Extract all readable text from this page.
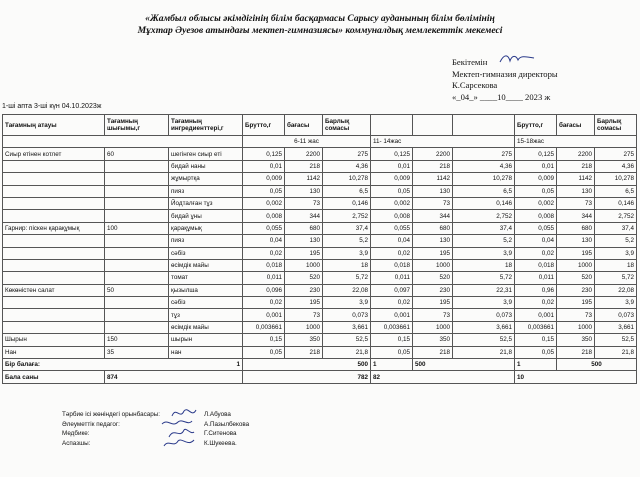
«Жамбыл облысы әкімдігінің білім басқармасы Сарысу ауданының білім бөлімінің
Мұхтар Әуезов атындағы мектеп-гимназиясы» коммуналдық мемлекеттік мекемесі
Бекітемін
Мектеп-гимназия директоры
К.Сарсекова
«_04_» ____10____ 2023 ж
1-ші апта 3-ші күн 04.10.2023ж
Тағамның атауы	Тағамның шығымы,г	Тағамның ингредиенттері,г	Брутто,г	бағасы	Барлық сомасы				Брутто,г	бағасы	Барлық сомасы
			6-11 жас			11- 14жас			15-18жас		
Сиыр етінен котлет	60	шегінген сиыр еті	0,125	2200	275	0,125	2200	275	0,125	2200	275
		бидай наны	0,01	218	4,36	0,01	218	4,36	0,01	218	4,36
		жұмыртқа	0,009	1142	10,278	0,009	1142	10,278	0,009	1142	10,278
		пияз	0,05	130	6,5	0,05	130	6,5	0,05	130	6,5
		Йодталған тұз	0,002	73	0,146	0,002	73	0,146	0,002	73	0,146
		бидай ұны	0,008	344	2,752	0,008	344	2,752	0,008	344	2,752
Гарнир: піскен қарақұмық	100	қарақұмық	0,055	680	37,4	0,055	680	37,4	0,055	680	37,4
		пияз	0,04	130	5,2	0,04	130	5,2	0,04	130	5,2
		сәбіз	0,02	195	3,9	0,02	195	3,9	0,02	195	3,9
		өсімдік майы	0,018	1000	18	0,018	1000	18	0,018	1000	18
		томат	0,011	520	5,72	0,011	520	5,72	0,011	520	5,72
Көкөністен салат	50	қызылша	0,096	230	22,08	0,097	230	22,31	0,96	230	22,08
		сәбіз	0,02	195	3,9	0,02	195	3,9	0,02	195	3,9
		тұз	0,001	73	0,073	0,001	73	0,073	0,001	73	0,073
		өсімдік майы	0,003661	1000	3,661	0,003661	1000	3,661	0,003661	1000	3,661
Шырын	150	шырын	0,15	350	52,5	0,15	350	52,5	0,15	350	52,5
Нан	35	нан	0,05	218	21,8	0,05	218	21,8	0,05	218	21,8
Бір балаға: 1			500			1	500		1	500	
Бала саны	874		782			82			10		
Тәрбие ісі жөніндегі орынбасары:
Әлеуметтік педагог:
Медбике:
Аспазшы:
Л.Абуова
А.Пазылбекова
Г.Ситенова
К.Шукеева.
